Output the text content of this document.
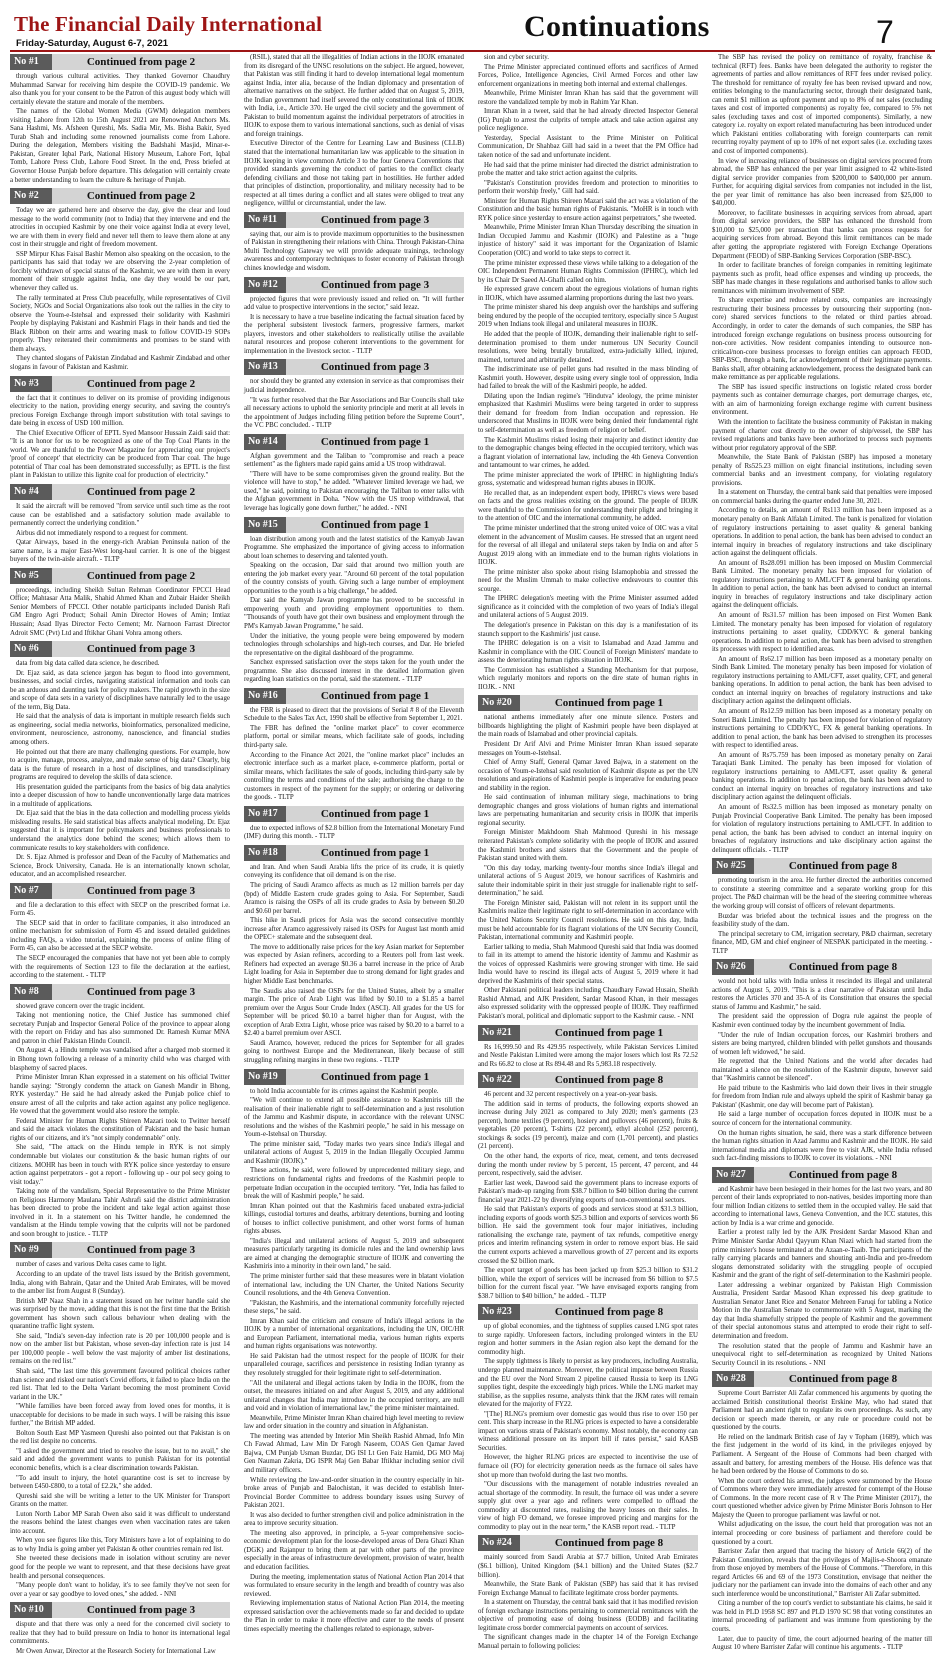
The Financial Daily International
Friday-Saturday, August 6-7, 2021
Continuations	7
No #1	Continued from page 2

through various cultural activities. They thanked Governor Chaudhry Muhammad Sarwar for receiving him despite the COVID-19 pandemic. We also thank you for your consent to be the Patron of this august body which will certainly elevate the stature and morale of the members.

The names of the Global Women Media (GWM) delegation members visiting Lahore from 12th to 15th August 2021 are Renowned Anchors Ms. Sana Hashmi, Ms. Afsheen Qureshi, Ms. Sadia Mir, Ms. Bisha Bakir, Syed Turab Shah and including some renowned journalists come from Lahore. During the delegation, Members visiting the Badshahi Masjid, Minar-e-Pakistan, Greater Iqbal Park, National History Museum, Lahore Fort, Iqbal Tomb, Lahore Press Club, Lahore Food Street. In the end, Press briefed at Governor House Punjab before departure. This delegation will certainly create a better understanding to learn the culture & heritage of Punjab.

No #2	Continued from page 2

Today we are gathered here and observe the day, give the clear and loud message to the world community (not to India) that they intervene and end the atrocities in occupied Kashmir by one their voice against India at every level, we are with them in every field and never tell them to leave them alone at any cost in their struggle and right of freedom movement.

SSP Mirpur Khas Faisal Bashir Memon also speaking on the occasion, to the participants has said that today we are observing the 2-year completion of forcibly withdrawn of special status of the Kashmir, we are with them in every moment of their struggle against India, one day they would be our part, whenever they called us.

The rally terminated at Press Club peacefully, while representatives of Civil Society, NGOs and Social Organizations also took out the rallies in the city to observe the Youm-e-Istehsal and expressed their solidarity with Kashmiri People by displaying Pakistani and Kashmiri Flags in their hands and tied the Black Ribbon on their arms and wearing mask to follow COVID-19 SOPs properly. They reiterated their commitments and promises to be stand with them always.

They chanted slogans of Pakistan Zindabad and Kashmir Zindabad and other slogans in favour of Pakistan and Kashmir.

No #3	Continued from page 2

the fact that it continues to deliver on its promise of providing indigenous electricity to the nation, providing energy security, and saving the country's precious Foreign Exchange through import substitution with total savings to date being in excess of USD 100 million.

The Chief Executive Officer of EPTL Syed Mansoor Hussain Zaidi said that: "It is an honor for us to be recognized as one of the Top Coal Plants in the world. We are thankful to the Power Magazine for appreciating our project's 'proof of concept' that electricity can be produced from Thar coal. The huge potential of Thar coal has been demonstrated successfully; as EPTL is the first plant in Pakistan to utilize this lignite coal for production of electricity."

No #4	Continued from page 2

It said the aircraft will be removed "from service until such time as the root cause can be established and a satisfactory solution made available to permanently correct the underlying condition."

Airbus did not immediately respond to a request for comment.

Qatar Airways, based in the energy-rich Arabian Peninsula nation of the same name, is a major East-West long-haul carrier. It is one of the biggest buyers of the twin-aisle aircraft. - TLTP

No #5	Continued from page 2

proceedings, including Sheikh Sultan Rehman Coordinator FPCCI Head Office; Mahtasar Atta Malik, Shahid Ahmed Khan and Zubair Haider Sheikh Senior Members of FPCCI. Other notable participants included Danish Rafi GM Engro Agri Product; Sohail Amin Director Howes of Amin; Imtiaz Hussain; Asad Ilyas Director Fecto Cement; Mr. Narnoon Farrast Director Adroit SMC (Pvt) Ltd and Iftikhar Ghani Vohra among others.

No #6	Continued from page 3

data from big data called data science, he described.

Dr. Ejaz said, as data science jargon has begun to flood into government, businesses, and social circles, navigating statistical information and tools can be an arduous and daunting task for policy makers. The rapid growth in the size and scope of data sets in a variety of disciplines have naturally led to the usage of the term, Big Data.

He said that the analysis of data is important in multiple research fields such as engineering, social media networks, bioinformatics, personalized medicine, environment, neuroscience, astronomy, nanoscience, and financial studies among others.

He pointed out that there are many challenging questions. For example, how to acquire, manage, process, analyze, and make sense of big data? Clearly, big data is the future of research in a host of disciplines, and transdisciplinary programs are required to develop the skills of data science.

His presentation guided the participants from the basics of big data analytics into a deeper discussion of how to handle unconventionally large data matrices in a multitude of applications.

Dr. Ejaz said that the bias in the data collection and modelling process yields misleading results. He said statistical bias affects analytical modeling. Dr. Ejaz suggested that it is important for policymakers and business professionals to understand the analytics done behind the scenes; which allows them to communicate results to key stakeholders with confidence.

Dr. S. Ejaz Ahmed is professor and Dean of the Faculty of Mathematics and Science, Brock University, Canada. He is an internationally known scholar, educator, and an accomplished researcher.

No #7	Continued from page 3

and file a declaration to this effect with SECP on the prescribed format i.e. Form 45.

The SECP said that in order to facilitate companies, it also introduced an online mechanism for submission of Form 45 and issued detailed guidelines including FAQs, a video tutorial, explaining the process of online filing of Form 45, can also be accessed at the SECP website.

The SECP encouraged the companies that have not yet been able to comply with the requirements of Section 123 to file the declaration at the earliest, according to the statement. - TLTP

No #8	Continued from page 3

showed grave concern over the tragic incident.

Taking not mentioning notice, the Chief Justice has summoned chief secretary Punjab and Inspector General Police of the province to appear along with the report on Friday and has also summoned Dr. Ramesh Kumar MNA and patron in chief Pakistan Hindu Council.

On August 4, a Hindu temple was vandalised after a charged mob stormed it in Bhong town following a release of a minority child who was charged with blasphemy of sacred places.

Prime Minister Imran Khan expressed in a statement on his official Twitter handle saying: "Strongly condemn the attack on Ganesh Mandir in Bhong, RYK yesterday." He said he had already asked the Punjab police chief to ensure arrest of all the culprits and take action against any police negligence. He vowed that the government would also restore the temple.

Federal Minister for Human Rights Shireen Mazari took to Twitter herself and said the attack violates the constitution of Pakistan and the basic human rights of our citizens, and it's "not simply condemnable" only.

She said, "The attack on the Hindu temple in RYK is not simply condemnable but violates our constitution & the basic human rights of our citizens. MOHR has been in touch with RYK police since yesterday to ensure action against perpetrators - got a report - following up - our pol secy going to visit today."

Taking note of the vandalism, Special Representative to the Prime Minister on Religious Harmony Maulana Tahir Ashrafi said the district administration has been directed to probe the incident and take legal action against those involved in it. In a statement on his Twitter handle, he condemned the vandalism at the Hindu temple vowing that the culprits will not be pardoned and soon brought to justice. - TLTP

No #9	Continued from page 3

number of cases and various Delta cases came to light.

According to an update of the travel lists issued by the British government, India, along with Bahrain, Qatar and the United Arab Emirates, will be moved to the amber list from August 8 (Sunday).

British MP Naaz Shah in a statement issued on her twitter handle said she was surprised by the move, adding that this is not the first time that the British government has shown such callous behaviour when dealing with the quarantine traffic light system.

She said, "India's seven-day infection rate is 20 per 100,000 people and is now on the amber list but Pakistan, whose seven-day infection rate is just 14 per 100,000 people - well below the vast majority of amber list destinations, remains on the red list."

Shah said, "The last time this government favoured political choices rather than science and risked our nation's Covid efforts, it failed to place India on the red list. That led to the Delta Variant becoming the most prominent Covid variant in the UK."

"While families have been forced away from loved ones for months, it is unacceptable for decisions to be made in such ways. I will be raising this issue further," the British MP added.

Bolton South East MP Yasmeen Qureshi also pointed out that Pakistan is on the red list despite no concerns.

"I asked the government and tried to resolve the issue, but to no avail," she said and added the government wants to punish Pakistan for its potential economic benefits, which is a clear discrimination towards Pakistan.

"To add insult to injury, the hotel quarantine cost is set to increase by between £450-£800, to a total of £2.2k," she added.

Qureshi said she will be writing a letter to the UK Minister for Transport Grants on the matter.

Luton North Labor MP Sarah Owen also said it was difficult to understand the reasons behind the latest changes even when vaccination rates are taken into account.

When you see figures like this, Tory Ministers have a lot of explaining to do as to why India is going amber yet Pakistan & other countries remain red list.

She tweeted these decisions made in isolation without scrutiny are never good for the people we want to represent, and that these decisions have great health and personal consequences.

"Many people don't want to holiday, it's to see family they've not seen for over a year or say goodbye to loved ones," she added. - NNI

No #10	Continued from page 3

dispute and that there was only a need for the concerned civil society to realize that they had to build pressure on India to honor its international legal commitments.

Mr Owen Anwar, Director at the Research Society for International Law

(RSIL), stated that all the illegalities of Indian actions in the IIOJK emanated from its disregard of the UNSC resolutions on the subject. He argued, however, that Pakistan was still finding it hard to develop international legal momentum against India, inter alia, because of the Indian diplomacy and presentation of alternative narratives on the subject. He further added that on August 5, 2019, the Indian government had itself severed the only constitutional link of IIOJK with India, i.e., Article 370. He urged the civil society and the government of Pakistan to build momentum against the individual perpetrators of atrocities in IIOJK to expose them to various international sanctions, such as denial of visas and foreign trainings.

Executive Director of the Centre for Learning Law and Business (CLLB) stated that the international humanitarian law was applicable to the situation in IIOJK keeping in view common Article 3 to the four Geneva Conventions that provided standards governing the conduct of parties to the conflict clearly defending civilians and those not taking part in hostilities. He further added that principles of distinction, proportionality, and military necessity had to be respected at all times during a conflict and all states were obliged to treat any negligence, willful or circumstantial, under the law.

No #11	Continued from page 3

saying that, our aim is to provide maximum opportunities to the businessmen of Pakistan in strengthening their relations with China. Through Pakistan-China Multi Technology Gateway we will provide adequate trainings, technology awareness and contemporary techniques to foster economy of Pakistan through chines knowledge and wisdom.

No #12	Continued from page 3

projected figures that were previously issued and relied on. "It will further add value to prospective interventions in the sector," said Iezaz.

It is necessary to have a true baseline indicating the factual situation faced by the peripheral subsistent livestock farmers, progressive farmers, market players, investors and other stakeholders to realistically utilise the available natural resources and propose coherent interventions to the government for implementation in the livestock sector. - TLTP

No #13	Continued from page 3

nor should they be granted any extension in service as that compromises their judicial independence.

"It was further resolved that the Bar Associations and Bar Councils shall take all necessary actions to uphold the seniority principle and merit at all levels in the appointment of Judges including filing petition before the Supreme Court", the VC PBC concluded. - TLTP

No #14	Continued from page 1

Afghan government and the Taliban to "compromise and reach a peace settlement" as the fighters made rapid gains amid a US troop withdrawal.

"There will have to be some compromises given the ground reality. But the violence will have to stop," he added. "Whatever limited leverage we had, we used," he said, pointing to Pakistan encouraging the Taliban to enter talks with the Afghan government in Doha. "Now with the US troop withdrawal, that leverage has logically gone down further," he added. - NNI

No #15	Continued from page 1

loan distribution among youth and the latest statistics of the Kamyab Jawan Programme. She emphasized the importance of giving access to information about loan schemes to deserving and talented youth.

Speaking on the occasion, Dar said that around two million youth are entering the job market every year. "Around 60 percent of the total population of the country consists of youth. Giving such a large number of employment opportunities to the youth is a big challenge," he added.

Dar said the Kamyab Jawan programme has proved to be successful in empowering youth and providing employment opportunities to them. "Thousands of youth have got their own business and employment through the PM's Kamyab Jawan Programme," he said.

Under the initiative, the young people were being empowered by modern technologies through scholarships and high-tech courses, and Dar. He briefed the representative on the digital dashboard of the programme.

Sanchez expressed satisfaction over the steps taken for the youth under the programme. She also discussed interest in the detailed information given regarding loan statistics on the portal, said the statement. - TLTP

No #16	Continued from page 1

the FBR is pleased to direct that the provisions of Serial # 8 of the Eleventh Schedule to the Sales Tax Act, 1990 shall be effective from September 1, 2021.

The FBR has defined the "online market place" to cover ecommerce platform, portal or similar means, which facilitate sale of goods, including third-party sale.

According to the Finance Act 2021, the "online market place" includes an electronic interface such as a market place, e-commerce platform, portal or similar means, which facilitates the sale of goods, including third-party sale by controlling the terms and conditions of the sale; authorising the charge to the customers in respect of the payment for the supply; or ordering or delivering the goods. - TLTP

No #17	Continued from page 1

due to expected inflows of $2.8 billion from the International Monetary Fund (IMF) during this month. - TLTP

No #18	Continued from page 1

and Iran. And when Saudi Arabia lifts the price of its crude, it is quietly conveying its confidence that oil demand is on the rise.

The pricing of Saudi Aramco affects as much as 12 million barrels per day (bpd) of Middle Eastern crude grades going to Asia. For September, Saudi Aramco is raising the OSPs of all its crude grades to Asia by between $0.20 and $0.60 per barrel.

This hike in Saudi prices for Asia was the second consecutive monthly increase after Aramco aggressively raised its OSPs for August last month amid the OPEC+ stalemate and the subsequent deal.

The move to additionally raise prices for the key Asian market for September was expected by Asian refiners, according to a Reuters poll from last week. Refiners had expected an average $0.36 a barrel increase in the price of Arab Light loading for Asia in September due to strong demand for light grades and higher Middle East benchmarks.

The Saudis also raised the OSPs for the United States, albeit by a smaller margin. The price of Arab Light was lifted by $0.10 to a $1.85 a barrel premium over the Argus Sour Crude Index (ASCI). All grades for the US for September will be priced $0.10 a barrel higher than for August, with the exception of Arab Extra Light, whose price was raised by $0.20 to a barrel to a $2.40 a barrel premium over ASCI.

Saudi Aramco, however, reduced the prices for September for all grades going to northwest Europe and the Mediterranean, likely because of still struggling refining margins in these two regions. - TLTP

No #19	Continued from page 1

to hold India accountable for its crimes against the Kashmiri people.

"We will continue to extend all possible assistance to Kashmiris till the realisation of their inalienable right to self-determination and a just resolution of the Jammu and Kashmir dispute, in accordance with the relevant UNSC resolutions and the wishes of the Kashmiri people," he said in his message on Youm-e-Istehsal on Thursday.

The prime minister said, "Today marks two years since India's illegal and unilateral actions of August 5, 2019 in the Indian Illegally Occupied Jammu and Kashmir (IIOJK)."

These actions, he said, were followed by unprecedented military siege, and restrictions on fundamental rights and freedoms of the Kashmiri people to perpetuate Indian occupation in the occupied territory. "Yet, India has failed to break the will of Kashmiri people," he said.

Imran Khan pointed out that the Kashmiris faced unabated extra-judicial killings, custodial tortures and deaths, arbitrary detentions, burning and looting of houses to inflict collective punishment, and other worst forms of human rights abuses.

"India's illegal and unilateral actions of August 5, 2019 and subsequent measures particularly targeting its domicile rules and the land ownership laws are aimed at changing the demographic structure of IIOJK and converting the Kashmiris into a minority in their own land," he said.

The prime minister further said that these measures were in blatant violation of international law, including the UN Charter, the United Nations Security Council resolutions, and the 4th Geneva Convention.

"Pakistan, the Kashmiris, and the international community forcefully rejected these steps," he said.

Imran Khan said the criticism and censure of India's illegal actions in the IIOJK by a number of international organizations, including the UN, OIC/HR and European Parliament, international media, various human rights experts and human rights organisations was noteworthy.

He said Pakistan had the utmost respect for the people of IIOJK for their unparalleled courage, sacrifices and persistence in resisting Indian tyranny as they resolutely struggled for their legitimate right to self-determination.

"All the unilateral and illegal actions taken by India in the IIOJK, from the outset, the measures initiated on and after August 5, 2019, and any additional unilateral changes that India may introduce in the occupied territory, are null and void and in violation of international law," the prime minister maintained.

Meanwhile, Prime Minister Imran Khan chaired high level meeting to review law and order situation in the country and situation in Afghanistan.

The meeting was attended by Interior Min Sheikh Rashid Ahmad, Info Min Ch Fawad Ahmad, Law Min Dr Farogh Naseem, COAS Gen Qamar Javed Bajwa, CM Punjab Usman Buzdar, DG ISI Lt Gen Faiz Hamid, DG MO Maj Gen Nauman Zakria, DG ISPR Maj Gen Babar Iftikhar including senior civil and military officers.

While reviewing the law-and-order situation in the country especially in hit-broke areas of Punjab and Balochistan, it was decided to establish Inter-Provincial Border Committee to address boundary issues using Survey of Pakistan 2021.

It was also decided to further strengthen civil and police administration in the area to improve security situation.

The meeting also approved, in principle, a 5-year comprehensive socio-economic development plan for the loose-developed areas of Dera Ghazi Khan (DGK) and Rajanpur to bring them at par with other parts of the province especially in the areas of infrastructure development, provision of water, health and education facilities.

During the meeting, implementation status of National Action Plan 2014 that was formulated to ensure security in the length and breadth of country was also reviewed.

Reviewing implementation status of National Action Plan 2014, the meeting expressed satisfaction over the achievements made so far and decided to update the Plan in order to make it more effective and cater to the needs of present times especially meeting the challenges related to espionage, subver-

sion and cyber security.

The Prime Minister appreciated continued efforts and sacrifices of Armed Forces, Police, Intelligence Agencies, Civil Armed Forces and other law enforcement organizations in meeting both internal and external challenges.

Meanwhile, Prime Minister Imran Khan has said that the government will restore the vandalized temple by mob in Rahim Yar Khan.

Imran Khan in a tweet, said that he had already directed Inspector General (IG) Punjab to arrest the culprits of temple attack and take action against any police negligence.

Yesterday, Special Assistant to the Prime Minister on Political Communication, Dr Shahbaz Gill had said in a tweet that the PM Office had taken notice of the sad and unfortunate incident.

He had said that the prime minister had directed the district administration to probe the matter and take strict action against the culprits.

"Pakistan's Constitution provides freedom and protection to minorities to perform their worship freely," Gill had said.

Minister for Human Rights Shireen Mazari said the act was a violation of the Constitution and the basic human rights of Pakistanis. "MoHR is in touch with RYK police since yesterday to ensure action against perpetrators," she tweeted.

Meanwhile, Prime Minister Imran Khan Thursday describing the situation in Indian Occupied Jammu and Kashmir (IIOJK) and Palestine as a "huge injustice of history" said it was important for the Organization of Islamic Cooperation (OIC) and world to take steps to correct it.

The prime minister expressed these views while talking to a delegation of the OIC Independent Permanent Human Rights Commission (IPHRC), which led by its Chair Dr Saeed Al-Ghafli called on him.

He expressed grave concern about the egregious violations of human rights in IIOJK, which have assumed alarming proportions during the last two years.

The prime minister shared his deep anguish over the hardships and suffering being endured by the people of the occupied territory, especially since 5 August 2019 when Indians took illegal and unilateral measures in IIOJK.

He added that the people of IIOJK, demanding their inalienable right to self-determination promised to them under numerous UN Security Council resolutions, were being brutally brutalized, extra-judicially killed, injured, maimed, tortured and arbitrarily detained.

The indiscriminate use of pellet guns had resulted in the mass blinding of Kashmiri youth. However, despite using every single tool of oppression, India had failed to break the will of the Kashmiri people, he added.

Dilating upon the Indian regime's "Hindutva" ideology, the prime minister emphasized that Kashmiri Muslims were being targeted in order to suppress their demand for freedom from Indian occupation and repression. He underscored that Muslims in IIOJK were being denied their fundamental right to self-determination as well as freedom of religion or belief.

The Kashmiri Muslims risked losing their majority and distinct identity due to the demographic changes being effected in the occupied territory, which was a flagrant violation of international law, including the 4th Geneva Convention and tantamount to war crimes, he added.

The prime minister appreciated the work of IPHRC in highlighting India's gross, systematic and widespread human rights abuses in IIOJK.

He recalled that, as an independent expert body, IPHRC's views were based on facts and the gross realities existing on the ground. The people of IIOJK were thankful to the Commission for understanding their plight and bringing it to the attention of OIC and the international community, he added.

The prime minister underlined that the strong united voice of OIC was a vital element in the advancement of Muslim causes. He stressed that an urgent need for the reversal of all illegal and unilateral steps taken by India on and after 5 August 2019 along with an immediate end to the human rights violations in IIOJK.

The prime minister also spoke about rising Islamophobia and stressed the need for the Muslim Ummah to make collective endeavours to counter this scourge.

The IPHRC delegation's meeting with the Prime Minister assumed added significance as it coincided with the completion of two years of India's illegal and unilateral actions of 5 August 2019.

The delegation's presence in Pakistan on this day is a manifestation of its staunch support to the Kashmiris' just cause.

The IPHRC delegation is on a visit to Islamabad and Azad Jammu and Kashmir in compliance with the OIC Council of Foreign Ministers' mandate to assess the deteriorating human rights situation in IIOJK.

The Commission has established a Standing Mechanism for that purpose, which regularly monitors and reports on the dire state of human rights in IIOJK. - NNI

No #20	Continued from page 1

national anthems immediately after one minute silence. Posters and billboards highlighting the plight of Kashmiri people have been displayed at the main roads of Islamabad and other provincial capitals.

President Dr Arif Alvi and Prime Minister Imran Khan issued separate messages on Youm-e-Istehsal.

Chief of Army Staff, General Qamar Javed Bajwa, in a statement on the occasion of Youm-e-Istehsal said resolution of Kashmir dispute as per the UN resolutions and aspirations of Kashmiri people is imperative for enduring peace and stability in the region.

He said continuation of inhuman military siege, machinations to bring demographic changes and gross violations of human rights and international laws are perpetuating humanitarian and security crisis in IIOJK that imperils regional security.

Foreign Minister Makhdoom Shah Mahmood Qureshi in his message reiterated Pakistan's complete solidarity with the people of IIOJK and assured the Kashmiri brothers and sisters that the Government and the people of Pakistan stand united with them.

"On this day today, marking twenty-four months since India's illegal and unilateral actions of 5 August 2019, we honour sacrifices of Kashmiris and salute their indomitable spirit in their just struggle for inalienable right to self-determination," he said.

The Foreign Minister said, Pakistan will not relent in its support until the Kashmiris realize their legitimate right to self-determination in accordance with the United Nations Security Council resolutions. He said on this day, India must be held accountable for its flagrant violations of the UN Security Council, Pakistan, international community and Kashmiri people.

Earlier talking to media, Shah Mahmood Qureshi said that India was doomed to fail in its attempt to amend the historic identity of Jammu and Kashmir as the voices of oppressed Kashmiris were growing stronger with time. He said India would have to rescind its illegal acts of August 5, 2019 where it had deprived the Kashmiris of their special status.

Other Pakistani political leaders including Chaudhary Fawad Husain, Sheikh Rashid Ahmad, and AJK President, Sardar Masood Khan, in their messages also expressed solidarity with the oppressed people of IIOJK. They reaffirmed Pakistan's moral, political and diplomatic support to the Kashmir cause. - NNI

No #21	Continued from page 1

Rs 16,999.50 and Rs 429.95 respectively, while Pakistan Services Limited and Nestle Pakistan Limited were among the major losers which lost Rs 72.52 and Rs 66.82 to close at Rs 894.48 and Rs 5,983.18 respectively.

No #22	Continued from page 8

46 percent and 32 percent respectively on a year-on-year basis.

The addition said in terms of products, the following exports showed an increase during July 2021 as compared to July 2020; men's garments (23 percent), home textiles (9 percent), hosiery and pullovers (46 percent), fruits & vegetables (20 percent), T-shirts (22 percent), ethyl alcohol (252 percent), stockings & socks (19 percent), maize and corn (1,701 percent), and plastics (21 percent).

On the other hand, the exports of rice, meat, cement, and tents decreased during the month under review by 5 percent, 15 percent, 47 percent, and 44 percent, respectively, said the adviser.

Earlier last week, Dawood said the government plans to increase exports of Pakistan's made-up ranging from $38.7 billion to $40 billion during the current financial year 2021-22 by diversifying exports of non-conventional sectors.

He said that Pakistan's exports of goods and services stood at $31.3 billion, including exports of goods worth $25.3 billion and exports of services worth $6 billion. He said the government took four major initiatives, including rationalising the exchange rate, payment of tax refunds, competitive energy prices and interim refinancing system in order to remove export bias. He said the current exports achieved a marvellous growth of 27 percent and its exports crossed the $2 billion mark.

The export target of goods has been jacked up from $25.3 billion to $31.2 billion, while the export of services will be increased from $6 billion to $7.5 billion for the current fiscal year. "We have envisaged exports ranging from $38.7 billion to $40 billion," he added. - TLTP

No #23	Continued from page 8

up of global economies, and the tightness of supplies caused LNG spot rates to surge rapidly. Unforeseen factors, including prolonged winters in the EU region and hotter summers in the Asian region also kept the demand for the commodity high.

The supply tightness is likely to persist as key producers, including Australia, undergo planned maintenance. Moreover, the political impasse between Russia and the EU over the Nord Stream 2 pipeline caused Russia to keep its LNG supplies tight, despite the exceedingly high prices. While the LNG market may stabilise, as the supplies resume, analysts think that the JKM rates will remain elevated for the majority of FY22.

"[The] RLNG's premium over domestic gas would thus rise to over 150 per cent. This sharp increase in the RLNG prices is expected to have a considerable impact on various strata of Pakistan's economy. Most notably, the economy can witness additional pressure on its import bill if rates persist," said KASB Securities.

However, the higher RLNG prices are expected to incentivise the use of furnace oil (FO) for electricity generation needs as the furnace oil sales have shot up more than twofold during the last two months.

"Our discussions with the management of notable industries revealed an actual shortage of the commodity. In result, the furnace oil was under a severe supply glut over a year ago and refiners were compelled to offload the commodity at discounted rates, realising the heavy losses on their sales. In view of high FO demand, we foresee improved pricing and margins for the commodity to play out in the near term," the KASB report read. - TLTP

No #24	Continued from page 8

mainly sourced from Saudi Arabia at $7.7 billion, United Arab Emirates ($6.1 billion), United Kingdom ($4.1 billion) and the United States ($2.7 billion).

Meanwhile, the State Bank of Pakistan (SBP) has said that it has revised Foreign Exchange Manual to facilitate legitimate cross border payments.

In a statement on Thursday, the central bank said that it has modified revision of foreign exchange instructions pertaining to commercial remittances with the objective of promoting ease of doing business (EODB) and facilitating legitimate cross border commercial payments on account of services.

The significant changes made in the chapter 14 of the Foreign Exchange Manual pertain to following policies:

The SBP has revised the policy on remittance of royalty, franchise & technical (RFT) fees. Banks have been delegated the authority to register the agreements of parties and allow remittances of RFT fees under revised policy. The threshold for remittance of royalty fee has been revised upward and now, entities belonging to the manufacturing sector, through their designated bank, can remit $1 million as upfront payment and up to 8% of net sales (excluding taxes and cost of imported components) as royalty fee, compared to 5% net sales (excluding taxes and cost of imported components). Similarly, a new category i.e. royalty on export related manufacturing has been introduced under which Pakistani entities collaborating with foreign counterparts can remit recurring royalty payment of up to 10% of net export sales (i.e. excluding taxes and cost of imported components).

In view of increasing reliance of businesses on digital services procured from abroad, the SBP has enhanced the per year limit assigned to 42 white-listed digital service provider companies from $200,000 to $400,000 per annum. Further, for acquiring digital services from companies not included in the list, the per year limit of remittance has also been increased from $25,000 to $40,000.

Moreover, to facilitate businesses in acquiring services from abroad, apart from digital service providers, the SBP has enhanced the threshold from $10,000 to $25,000 per transaction that banks can process requests for acquiring services from abroad. Beyond this limit remittances can be made after getting the appropriate registered with Foreign Exchange Operations Department (FEOD) of SBP-Banking Services Corporation (SBP-BSC).

In order to facilitate branches of foreign companies in remitting legitimate payments such as profit, head office expenses and winding up proceeds, the SBP has made changes in these regulations and authorised banks to allow such remittances with minimum involvement of SBP.

To share expertise and reduce related costs, companies are increasingly restructuring their business processes by outsourcing their supporting (non-core) shared services functions to the related or third parties abroad. Accordingly, in order to cater the demands of such companies, the SBP has introduced foreign exchange regulations on business process outsourcing for non-core activities. Now resident companies intending to outsource non-critical/non-core business processes to foreign entities can approach FEOD, SBP-BSC, through a bank, for acknowledgement of their legitimate payments. Banks shall, after obtaining acknowledgement, process the designated bank can make remittance as per applicable regulations.

The SBP has issued specific instructions on logistic related cross border payments such as container demurrage charges, port demurrage charges, etc, with an aim of harmonizing foreign exchange regime with current business environment.

With the intention to facilitate the business community of Pakistan in making payment of charter cost directly to the owner of ship/vessel, the SBP has revised regulations and banks have been authorized to process such payments without prior regulatory approval of the SBP.

Meanwhile, the State Bank of Pakistan (SBP) has imposed a monetary penalty of Rs525.23 million on eight financial institutions, including seven commercial banks and an investment company, for violating regulatory provisions.

In a statement on Thursday, the central bank said that penalties were imposed on commercial banks during the quarter ended June 30, 2021.

According to details, an amount of Rs113 million has been imposed as a monetary penalty on Bank Alfalah Limited. The bank is penalized for violation of regulatory instructions pertaining to asset quality & general banking operations. In addition to penal action, the bank has been advised to conduct an internal inquiry in breaches of regulatory instructions and take disciplinary action against the delinquent officials.

An amount of Rs28.091 million has been imposed on Muslim Commercial Bank Limited. The monetary penalty has been imposed for violation of regulatory instructions pertaining to AML/CFT & general banking operations. In addition to penal action, the bank has been advised to conduct an internal inquiry in breaches of regulatory instructions and take disciplinary action against the delinquent officials.

An amount of Rs31.57 million has been imposed on First Women Bank Limited. The monetary penalty has been imposed for violation of regulatory instructions pertaining to asset quality, CDD/KYC & general banking operations. In addition to penal action, the bank has been advised to strengthen its processes with respect to identified areas.

An amount of Rs62.17 million has been imposed as a monetary penalty on Sindh Bank Limited. The monetary penalty has been imposed for violation of regulatory instructions pertaining to AML/CFT, asset quality, CFT, and general banking operations. In addition to penal action, the bank has been advised to conduct an internal inquiry on breaches of regulatory instructions and take disciplinary action against the delinquent officials.

An amount of Rs12.59 million has been imposed as a monetary penalty on Soneri Bank Limited. The penalty has been imposed for violation of regulatory instructions pertaining to CDD/KYC, FX & general banking operations. In addition to penal action, the bank has been advised to strengthen its processes with respect to identified areas.

An amount of Rs75.759 has been imposed as monetary penalty on Zarai Taraqiati Bank Limited. The penalty has been imposed for violation of regulatory instructions pertaining to AML/CFT, asset quality & general banking operations. In addition to penal action, the bank has been advised to conduct an internal inquiry on breaches of regulatory instructions and take disciplinary action against the delinquent officials.

An amount of Rs32.5 million has been imposed as monetary penalty on Punjab Provincial Cooperative Bank Limited. The penalty has been imposed for violation of regulatory instructions pertaining to AML/CFT. In addition to penal action, the bank has been advised to conduct an internal inquiry on breaches of regulatory instructions and take disciplinary action against the delinquent officials. - TLTP

No #25	Continued from page 8

promoting tourism in the area. He further directed the authorities concerned to constitute a steering committee and a separate working group for this project. The P&D chairman will be the head of the steering committee whereas the working group will consist of officers of relevant departments.

Buzdar was briefed about the technical issues and the progress on the feasibility study of the dam.

The principal secretary to CM, irrigation secretary, P&D chairman, secretary finance, MD, GM and chief engineer of NESPAK participated in the meeting. - TLTP

No #26	Continued from page 8

would not hold talks with India unless it rescinded its illegal and unilateral actions of August 5, 2019. "This is a clear narrative of Pakistan until India restores the Articles 370 and 35-A of its Constitution that ensures the special status of Jammu and Kashmir," he said.

The president said the oppression of Dogra rule against the people of Kashmir even continued today by the incumbent government of India.

"Under the rule of Indian occupation forces, our Kashmiri brothers and sisters are being martyred, children blinded with pellet gunshots and thousands of women left widowed," he said.

He regretted that the United Nations and the world after decades had maintained a silence on the resolution of the Kashmir dispute, however said that "Kashmiris cannot be silenced".

He paid tribute to the Kashmiris who laid down their lives in their struggle for freedom from Indian rule and always upheld the spirit of Kashmir banay ga Pakistan' (Kashmir, one day will become part of Pakistan).

He said a large number of occupation forces deputed in IIOJK must be a source of concern for the international community.

On the human rights situation, he said, there was a stark difference between the human rights situation in Azad Jammu and Kashmir and the IIOJK. He said international media and diplomats were free to visit AJK, while India refused such fact-finding missions to IIOJK to cover its violations. - NNI

No #27	Continued from page 8

and Kashmir have been besieged in their homes for the last two years, and 80 percent of their lands expropriated to non-natives, besides importing more than four million Indian citizens to settled them in the occupied valley. He said that according to international laws, Geneva Convention, and the ICC statutes, this action by India is a war crime and genocide.

Earlier a protest rally led by the AJK President Sardar Masood Khan and Prime Minister Sardar Abdul Qayyum Khan Niazi which had started from the prime minister's house terminated at the Azaan-e-Taaib. The participants of the rally carrying placards and banners and shouting anti-India and pro-freedom slogans demonstrated solidarity with the struggling people of occupied Kashmir and the grant of the right of self-determination to the Kashmiri people.

Later addressing a webinar organized by Pakistan High Commission Australia, President Sardar Masood Khan expressed his deep gratitude to Australian Senator Janet Rice and Senator Mehreen Faruqi for tabling a Notice Motion in the Australian Senate to commemorate with 5 August, marking the day that India shamefully stripped the people of Kashmir and the government of their special autonomous status and attempted to erode their right to self-determination and freedom.

The resolution stated that the people of Jammu and Kashmir have an unequivocal right to self-determination as recognized by United Nations Security Council in its resolutions. - NNI

No #28	Continued from page 8

Supreme Court Barrister Ali Zafar commenced his arguments by quoting the acclaimed British constitutional theorist Erskine May, who had stated that Parliament had an ancient right to regulate its own proceedings. As such, any decision or speech made therein, or any rule or procedure could not be questioned by the courts.

He relied on the landmark British case of Jay v Topham (1689), which was the first judgement in the world of its kind, in the privileges enjoyed by Parliament. A Sergeant of the House of Commons had been charged with assault and battery, for arresting members of the House. His defence was that he had been ordered by the House of Commons to do so.

When the court ordered his arrest, the judges were summoned by the House of Commons where they were immediately arrested for contempt of the House of Commons. In the more recent case of R v The Prime Minister (2017), the court questioned whether advice given by Prime Minister Boris Johnson to Her Majesty the Queen to prorogue parliament was lawful or not.

Whilst adjudicating on the issue, the court held that prorogation was not an internal proceeding or core business of parliament and therefore could be questioned by a court.

Barrister Zafar then argued that tracing the history of Article 66(2) of the Pakistan Constitution, reveals that the privileges of Majlis-e-Shoora emanate from those enjoyed by members of the House of Commons. "Therefore, in this regard Articles 66 and 69 of the 1973 Constitution, envisage that neither the judiciary nor the parliament can invade into the domains of each other and any such interference would be unconstitutional," Barrister Ali Zafar submitted.

Citing a number of the top court's verdict to substantiate his claims, he said it was held in PLD 1958 SC 897 and PLD 1970 SC 98 that voting constitutes an internal proceeding of parliament and was immune from questioning by the courts.

Later, due to paucity of time, the court adjourned hearing of the matter till August 10 where Barrister Zafar will continue his arguments. - TLTP
